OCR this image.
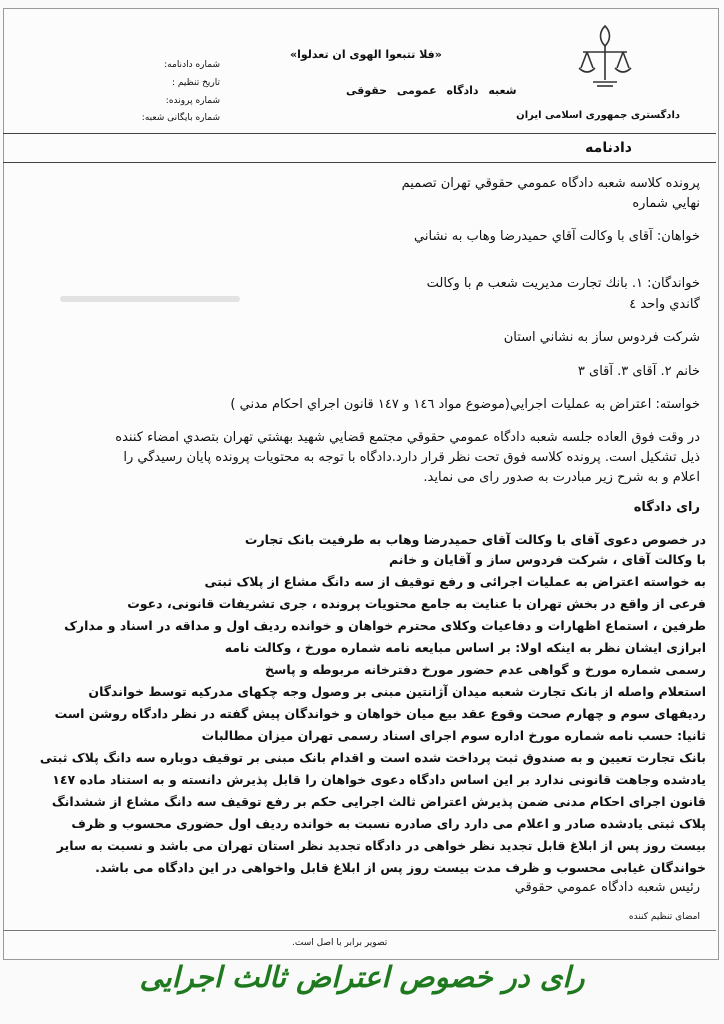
دادگستری جمهوری اسلامی ایران
«فلا تتبعوا الهوى ان تعدلوا»
شعبه دادگاه عمومی حقوقی
شماره دادنامه:
تاریخ تنظیم :
شماره پرونده:
شماره بایگانی شعبه:
دادنامه
پرونده کلاسه شعبه دادگاه عمومي حقوقي تهران تصميم
نهايي شماره
خواهان: آقای با وكالت آقاي حميدرضا وهاب به نشاني
خواندگان: ۱. بانك تجارت مديريت شعب م با وكالت
گاندي واحد ٤
شركت فردوس ساز به نشاني استان
خانم ۲. آقای ۳. آقای ۳
خواسته: اعتراض به عمليات اجرايي(موضوع مواد ۱٤٦ و ۱٤٧ قانون اجراي احكام مدني )
در وقت فوق العاده جلسه شعبه دادگاه عمومي حقوقي مجتمع قضايي شهيد بهشتي تهران بتصدي امضاء كننده
ذيل تشكيل است. پرونده كلاسه فوق تحت نظر قرار دارد.دادگاه با توجه به محتويات پرونده پايان رسيدگي را
اعلام و به شرح زير مبادرت به صدور راى مى نمايد.
رای دادگاه
در خصوص دعوی آقای با وكالت آقای حمیدرضا وهاب به طرفیت بانک تجارت
با وکالت آقای ، شرکت فردوس ساز و آقایان و خانم
به خواسته اعتراض به عملیات اجرائی و رفع توقیف از سه دانگ مشاع از پلاک ثبتی
فرعی از واقع در بخش تهران با عنایت به جامع محتویات پرونده ، جری تشریفات قانونی، دعوت
طرفین ، استماع اظهارات و دفاعیات وکلای محترم خواهان و خوانده ردیف اول و مداقه در اسناد و مدارک
ابرازی ایشان نظر به اینکه اولا: بر اساس مبایعه نامه شماره مورخ ، وکالت نامه
رسمی شماره مورخ و گواهی عدم حضور مورخ دفترخانه مربوطه و پاسخ
استعلام واصله از بانک تجارت شعبه میدان آژانتین مبنی بر وصول وجه چکهای مدرکیه توسط خواندگان
ردیفهای سوم و چهارم صحت وقوع عقد بیع میان خواهان و خواندگان پیش گفته در نظر دادگاه روشن است
ثانیا: حسب نامه شماره مورخ اداره سوم اجرای اسناد رسمی تهران میزان مطالبات
بانک تجارت تعیین و به صندوق ثبت پرداخت شده است و اقدام بانک مبنی بر توقیف دوباره سه دانگ پلاک ثبتی
یادشده وجاهت قانونی ندارد بر این اساس دادگاه دعوی خواهان را قابل پذیرش دانسته و به استناد ماده ۱٤۷
قانون اجرای احکام مدنی ضمن پذیرش اعتراض ثالث اجرایی حکم بر رفع توقیف سه دانگ مشاع از ششدانگ
پلاک ثبتی یادشده صادر و اعلام می دارد رای صادره نسبت به خوانده ردیف اول حضوری محسوب و ظرف
بیست روز پس از ابلاغ قابل تجدید نظر خواهی در دادگاه تجدید نظر استان تهران می باشد و نسبت به سایر
خواندگان غیابی محسوب و ظرف مدت بیست روز پس از ابلاغ قابل واخواهی در این دادگاه می باشد.
رئيس شعبه دادگاه عمومي حقوقي
امضای تنظیم کننده
تصویر برابر با اصل است.
رای در خصوص اعتراض ثالث اجرایی
